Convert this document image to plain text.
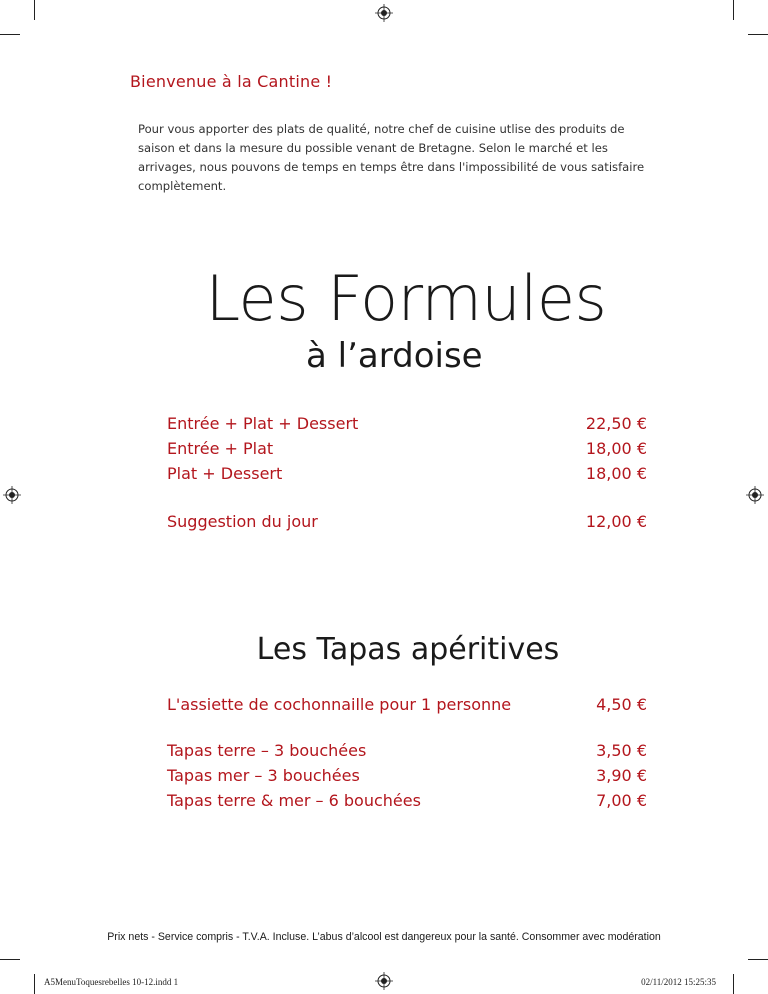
Bienvenue à la Cantine !
Pour vous apporter des plats de qualité, notre chef de cuisine utlise des produits de saison et dans la mesure du possible venant de Bretagne. Selon le marché et les arrivages, nous pouvons de temps en temps être dans l'impossibilité de vous satisfaire complètement.
Les Formules
à l’ardoise
Entrée + Plat + Dessert	22,50 €
Entrée + Plat	18,00 €
Plat + Dessert	18,00 €
Suggestion du jour	12,00 €
Les Tapas apéritives
L'assiette de cochonnaille pour 1 personne	4,50 €
Tapas terre – 3 bouchées	3,50 €
Tapas mer – 3 bouchées	3,90 €
Tapas terre & mer – 6 bouchées	7,00 €
Prix nets - Service compris - T.V.A. Incluse. L’abus d’alcool est dangereux pour la santé. Consommer avec modération
A5MenuToquesrebelles 10-12.indd 1	02/11/2012 15:25:35
